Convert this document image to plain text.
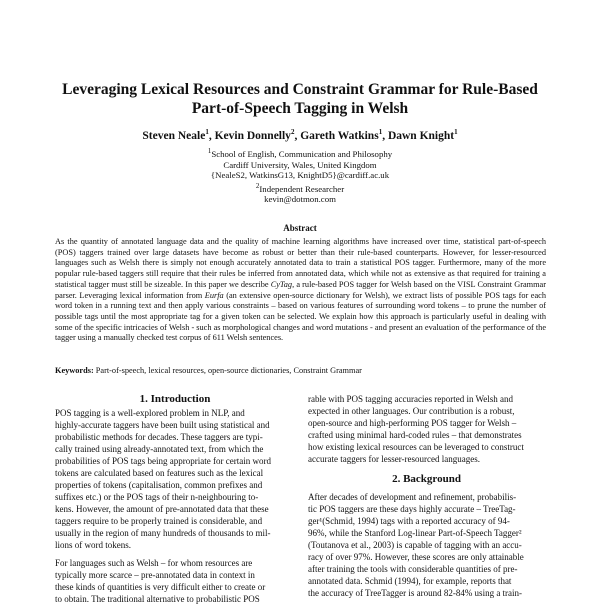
Leveraging Lexical Resources and Constraint Grammar for Rule-Based
Part-of-Speech Tagging in Welsh
Steven Neale$^1$, Kevin Donnelly$^2$, Gareth Watkins$^1$, Dawn Knight$^1$
$^1$School of English, Communication and Philosophy
Cardiff University, Wales, United Kingdom
{NealeS2, WatkinsG13, KnightD5}@cardiff.ac.uk
$^2$Independent Researcher
kevin@dotmon.com
Abstract
As the quantity of annotated language data and the quality of machine learning algorithms have increased over time, statistical part-of-speech (POS) taggers trained over large datasets have become as robust or better than their rule-based counterparts. However, for lesser-resourced languages such as Welsh there is simply not enough accurately annotated data to train a statistical POS tagger. Furthermore, many of the more popular rule-based taggers still require that their rules be inferred from annotated data, which while not as extensive as that required for training a statistical tagger must still be sizeable. In this paper we describe CyTag, a rule-based POS tagger for Welsh based on the VISL Constraint Grammar parser. Leveraging lexical information from Eurfa (an extensive open-source dictionary for Welsh), we extract lists of possible POS tags for each word token in a running text and then apply various constraints – based on various features of surrounding word tokens – to prune the number of possible tags until the most appropriate tag for a given token can be selected. We explain how this approach is particularly useful in dealing with some of the specific intricacies of Welsh - such as morphological changes and word mutations - and present an evaluation of the performance of the tagger using a manually checked test corpus of 611 Welsh sentences.
Keywords: Part-of-speech, lexical resources, open-source dictionaries, Constraint Grammar
1. Introduction
POS tagging is a well-explored problem in NLP, and
highly-accurate taggers have been built using statistical and
probabilistic methods for decades. These taggers are typi-
cally trained using already-annotated text, from which the
probabilities of POS tags being appropriate for certain word
tokens are calculated based on features such as the lexical
properties of tokens (capitalisation, common prefixes and
suffixes etc.) or the POS tags of their n-neighbouring to-
kens. However, the amount of pre-annotated data that these
taggers require to be properly trained is considerable, and
usually in the region of many hundreds of thousands to mil-
lions of word tokens.
For languages such as Welsh – for whom resources are
typically more scarce – pre-annotated data in context in
these kinds of quantities is very difficult either to create or
to obtain. The traditional alternative to probabilistic POS
rable with POS tagging accuracies reported in Welsh and
expected in other languages. Our contribution is a robust,
open-source and high-performing POS tagger for Welsh –
crafted using minimal hard-coded rules – that demonstrates
how existing lexical resources can be leveraged to construct
accurate taggers for lesser-resourced languages.
2. Background
After decades of development and refinement, probabilis-
tic POS taggers are these days highly accurate – TreeTag-
ger¹(Schmid, 1994) tags with a reported accuracy of 94-
96%, while the Stanford Log-linear Part-of-Speech Tagger²
(Toutanova et al., 2003) is capable of tagging with an accu-
racy of over 97%. However, these scores are only attainable
after training the tools with considerable quantities of pre-
annotated data. Schmid (1994), for example, reports that
the accuracy of TreeTagger is around 82-84% using a train-
